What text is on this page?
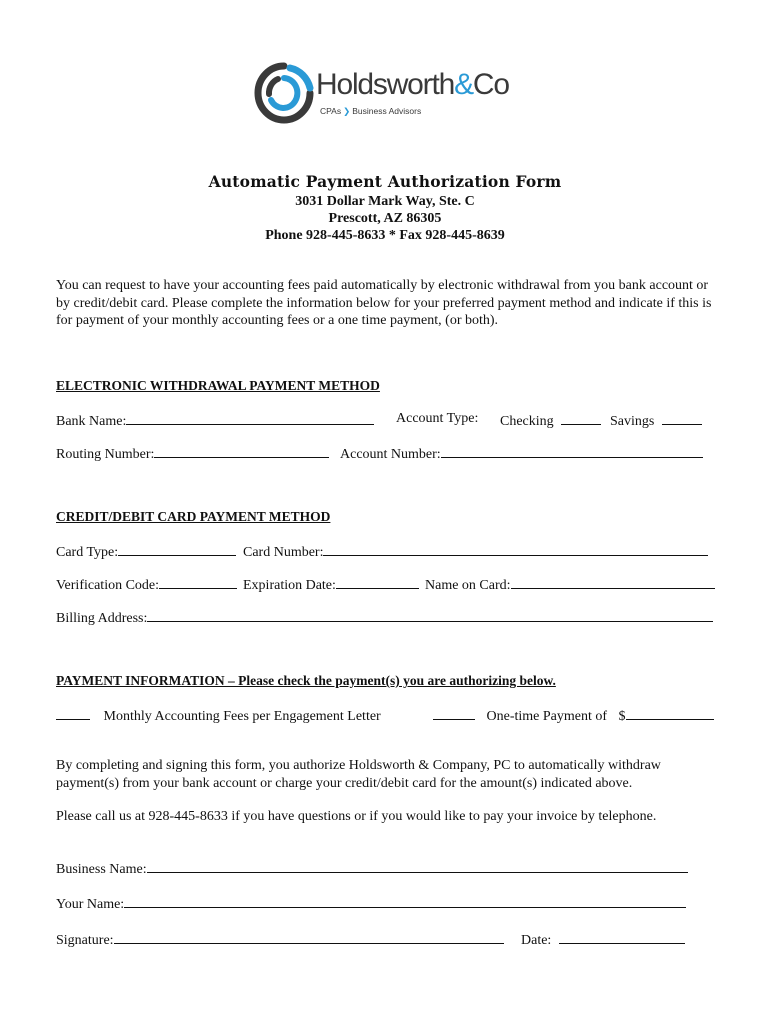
Holdsworth&Co
CPAs ❯ Business Advisors
Automatic Payment Authorization Form
3031 Dollar Mark Way, Ste. C
Prescott, AZ 86305
Phone 928-445-8633 * Fax 928-445-8639

You can request to have your accounting fees paid automatically by electronic withdrawal from you bank account or by credit/debit card. Please complete the information below for your preferred payment method and indicate if this is for payment of your monthly accounting fees or a one time payment, (or both).

ELECTRONIC WITHDRAWAL PAYMENT METHOD
Bank Name:	Account Type: Checking	Savings
Routing Number:	Account Number:
CREDIT/DEBIT CARD PAYMENT METHOD
Card Type:	Card Number:
Verification Code:	Expiration Date:	Name on Card:
Billing Address:
PAYMENT INFORMATION – Please check the payment(s) you are authorizing below.
Monthly Accounting Fees per Engagement Letter	One-time Payment of $

By completing and signing this form, you authorize Holdsworth & Company, PC to automatically withdraw payment(s) from your bank account or charge your credit/debit card for the amount(s) indicated above.

Please call us at 928-445-8633 if you have questions or if you would like to pay your invoice by telephone.

Business Name:
Your Name:
Signature:	Date:
